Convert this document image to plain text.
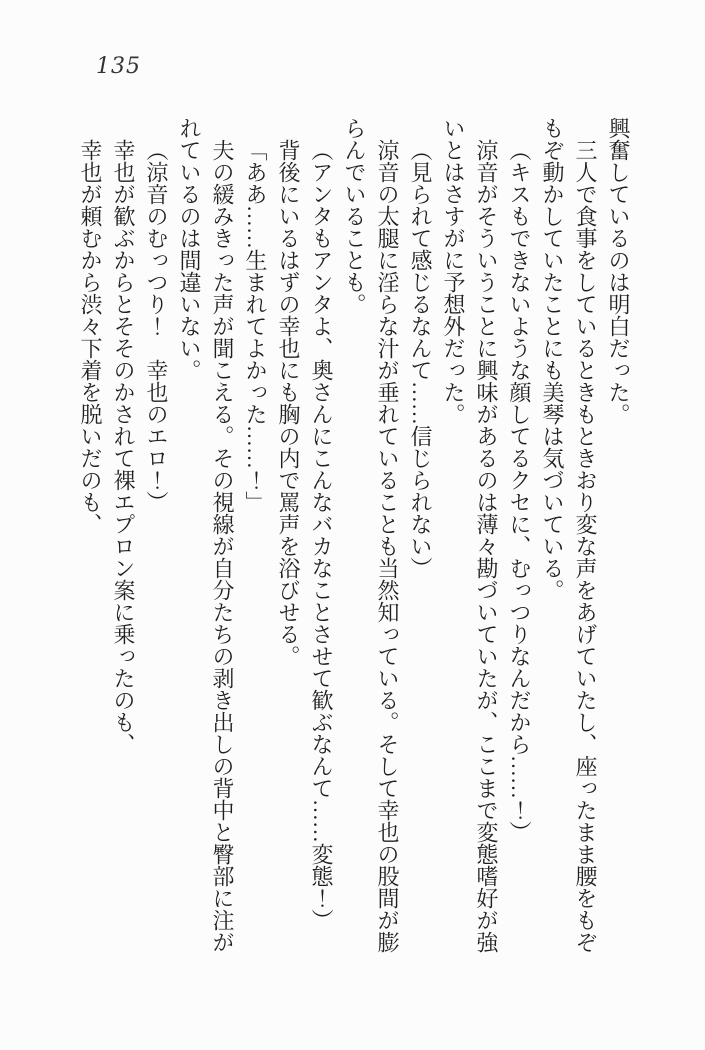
135

興奮しているのは明白だった。

三人で食事をしているときもときおり変な声をあげていたし、座ったまま腰をもぞ

もぞ動かしていたことにも美琴は気づいている。

（キスもできないような顔してるクセに、むっつりなんだから……！）

涼音がそういうことに興味があるのは薄々勘づいていたが、ここまで変態嗜好が強

いとはさすがに予想外だった。

（見られて感じるなんて……信じられない）

涼音の太腿に淫らな汁が垂れていることも当然知っている。そして幸也の股間が膨

らんでいることも。

（アンタもアンタよ、奥さんにこんなバカなことさせて歓ぶなんて……変態！）

背後にいるはずの幸也にも胸の内で罵声を浴びせる。

「ああ……生まれてよかった……！」

夫の緩みきった声が聞こえる。その視線が自分たちの剥き出しの背中と臀部に注が

れているのは間違いない。

（涼音のむっつり！　幸也のエロ！）

幸也が歓ぶからとそそのかされて裸エプロン案に乗ったのも、

幸也が頼むから渋々下着を脱いだのも、
